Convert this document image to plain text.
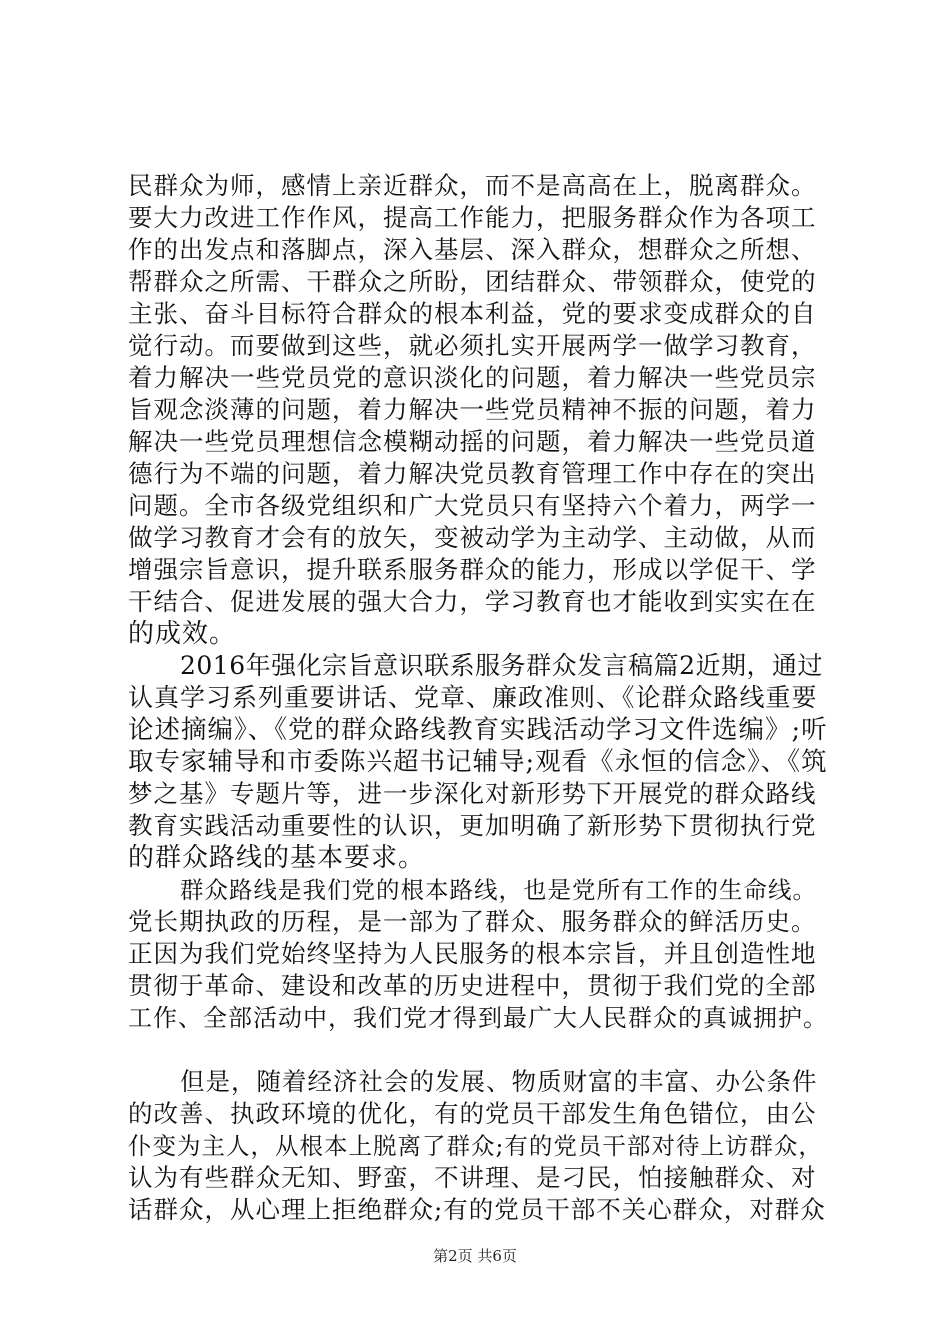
民群众为师，感情上亲近群众，而不是高高在上，脱离群众。
要大力改进工作作风，提高工作能力，把服务群众作为各项工
作的出发点和落脚点，深入基层、深入群众，想群众之所想、
帮群众之所需、干群众之所盼，团结群众、带领群众，使党的
主张、奋斗目标符合群众的根本利益，党的要求变成群众的自
觉行动。而要做到这些，就必须扎实开展两学一做学习教育，
着力解决一些党员党的意识淡化的问题，着力解决一些党员宗
旨观念淡薄的问题，着力解决一些党员精神不振的问题，着力
解决一些党员理想信念模糊动摇的问题，着力解决一些党员道
德行为不端的问题，着力解决党员教育管理工作中存在的突出
问题。全市各级党组织和广大党员只有坚持六个着力，两学一
做学习教育才会有的放矢，变被动学为主动学、主动做，从而
增强宗旨意识，提升联系服务群众的能力，形成以学促干、学
干结合、促进发展的强大合力，学习教育也才能收到实实在在
的成效。
2016年强化宗旨意识联系服务群众发言稿篇2近期，通过
认真学习系列重要讲话、党章、廉政准则、《论群众路线重要
论述摘编》、《党的群众路线教育实践活动学习文件选编》;听
取专家辅导和市委陈兴超书记辅导;观看《永恒的信念》、《筑
梦之基》专题片等，进一步深化对新形势下开展党的群众路线
教育实践活动重要性的认识，更加明确了新形势下贯彻执行党
的群众路线的基本要求。
群众路线是我们党的根本路线，也是党所有工作的生命线。
党长期执政的历程，是一部为了群众、服务群众的鲜活历史。
正因为我们党始终坚持为人民服务的根本宗旨，并且创造性地
贯彻于革命、建设和改革的历史进程中，贯彻于我们党的全部
工作、全部活动中，我们党才得到最广大人民群众的真诚拥护。
但是，随着经济社会的发展、物质财富的丰富、办公条件
的改善、执政环境的优化，有的党员干部发生角色错位，由公
仆变为主人，从根本上脱离了群众;有的党员干部对待上访群众，
认为有些群众无知、野蛮，不讲理、是刁民，怕接触群众、对
话群众，从心理上拒绝群众;有的党员干部不关心群众，对群众
第2页 共6页
